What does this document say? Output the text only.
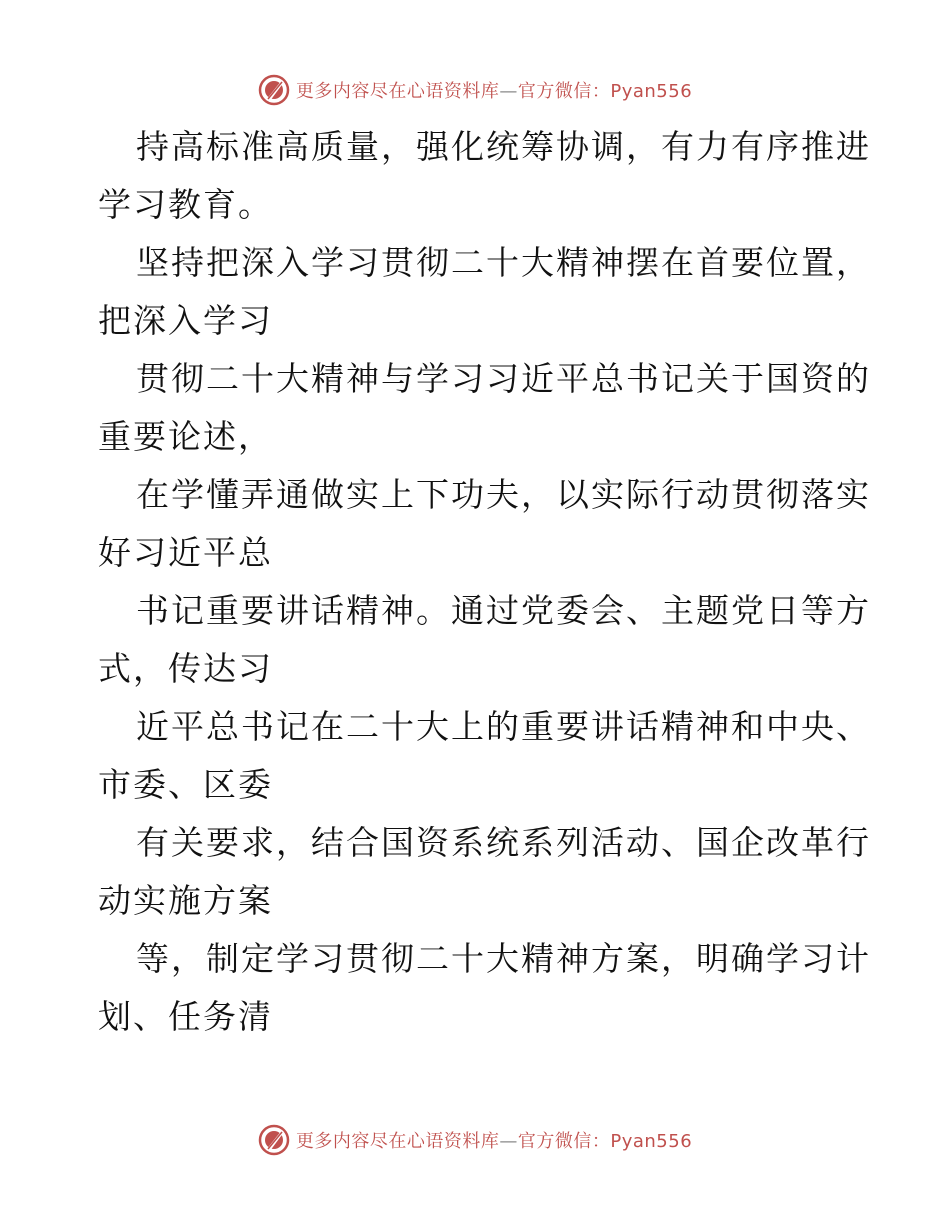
更多内容尽在心语资料库—官方微信：Pyan556

持高标准高质量，强化统筹协调，有力有序推进
学习教育。

坚持把深入学习贯彻二十大精神摆在首要位置，
把深入学习

贯彻二十大精神与学习习近平总书记关于国资的
重要论述，

在学懂弄通做实上下功夫，以实际行动贯彻落实
好习近平总

书记重要讲话精神。通过党委会、主题党日等方
式，传达习

近平总书记在二十大上的重要讲话精神和中央、
市委、区委

有关要求，结合国资系统系列活动、国企改革行
动实施方案

等，制定学习贯彻二十大精神方案，明确学习计
划、任务清

更多内容尽在心语资料库—官方微信：Pyan556
